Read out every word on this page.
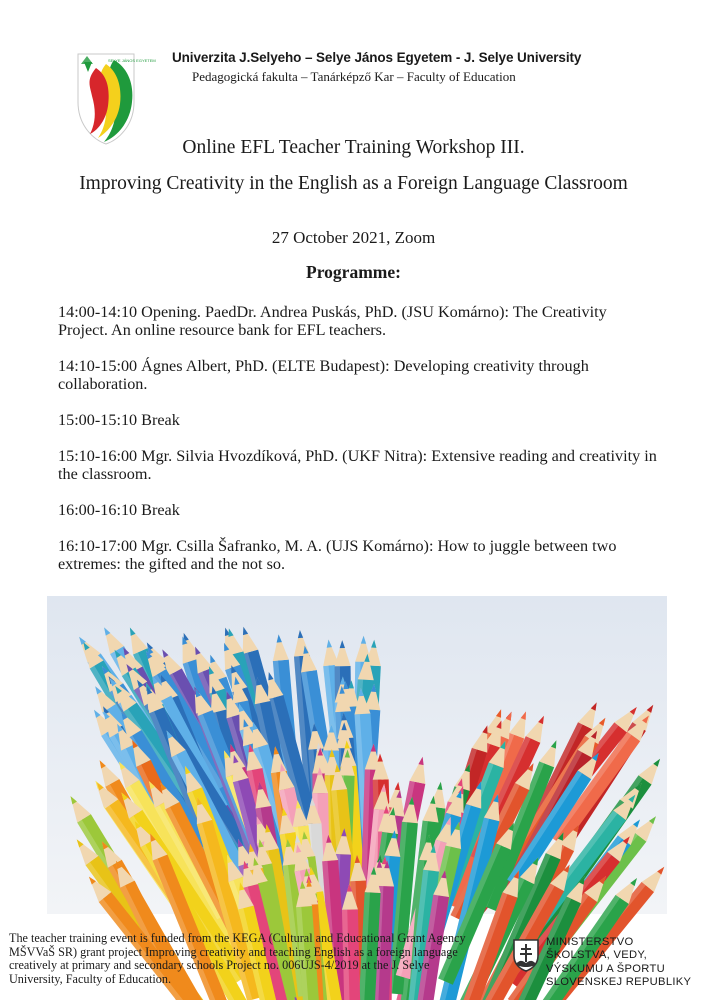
SELYE JÁNOS EGYETEM Univerzita J.Selyeho – Selye János Egyetem - J. Selye University
Pedagogická fakulta – Tanárképző Kar – Faculty of Education
Online EFL Teacher Training Workshop III.
Improving Creativity in the English as a Foreign Language Classroom
27 October 2021, Zoom
Programme:
14:00-14:10 Opening. PaedDr. Andrea Puskás, PhD. (JSU Komárno): The Creativity Project. An online resource bank for EFL teachers.
14:10-15:00 Ágnes Albert, PhD. (ELTE Budapest): Developing creativity through collaboration.
15:00-15:10 Break
15:10-16:00 Mgr. Silvia Hvozdíková, PhD. (UKF Nitra): Extensive reading and creativity in the classroom.
16:00-16:10 Break
16:10-17:00 Mgr. Csilla Šafranko, M. A. (UJS Komárno): How to juggle between two extremes: the gifted and the not so.
The teacher training event is funded from the KEGA (Cultural and Educational Grant Agency MŠVVaŠ SR) grant project Improving creativity and teaching English as a foreign language creatively at primary and secondary schools Project no. 006UJS-4/2019 at the J. Selye University, Faculty of Education.
MINISTERSTVO
ŠKOLSTVA, VEDY,
VÝSKUMU A ŠPORTU
SLOVENSKEJ REPUBLIKY
